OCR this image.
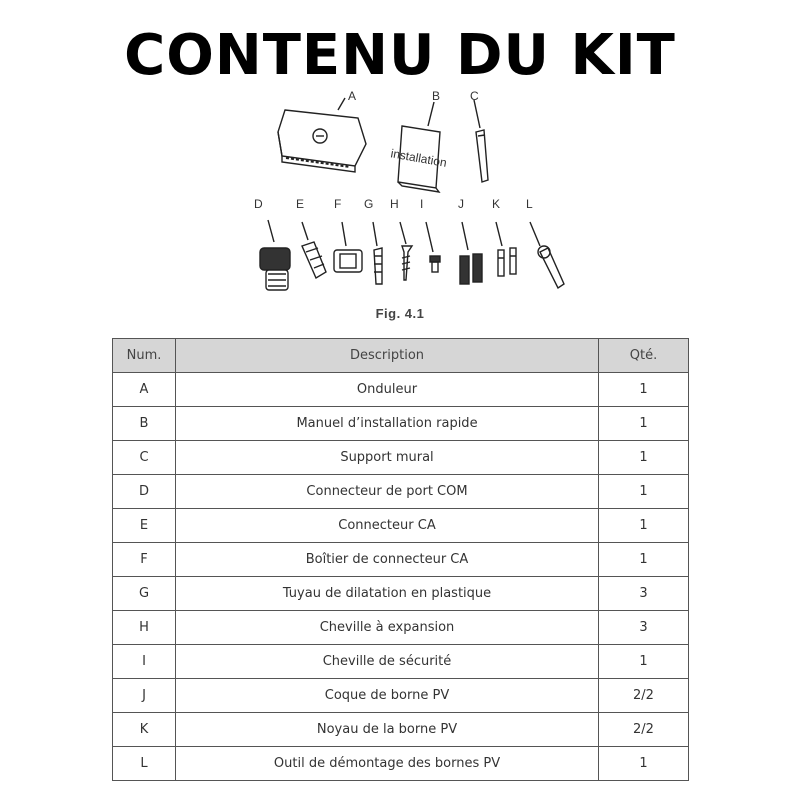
CONTENU DU KIT
installation
A	B C
D	E F G H I	J K L
Fig. 4.1
Num.	Description	Qté.
A	Onduleur	1
B	Manuel d’installation rapide	1
C	Support mural	1
D	Connecteur de port COM	1
E	Connecteur CA	1
F	Boîtier de connecteur CA	1
G	Tuyau de dilatation en plastique	3
H	Cheville à expansion	3
I	Cheville de sécurité	1
J	Coque de borne PV	2/2
K	Noyau de la borne PV	2/2
L	Outil de démontage des bornes PV	1
